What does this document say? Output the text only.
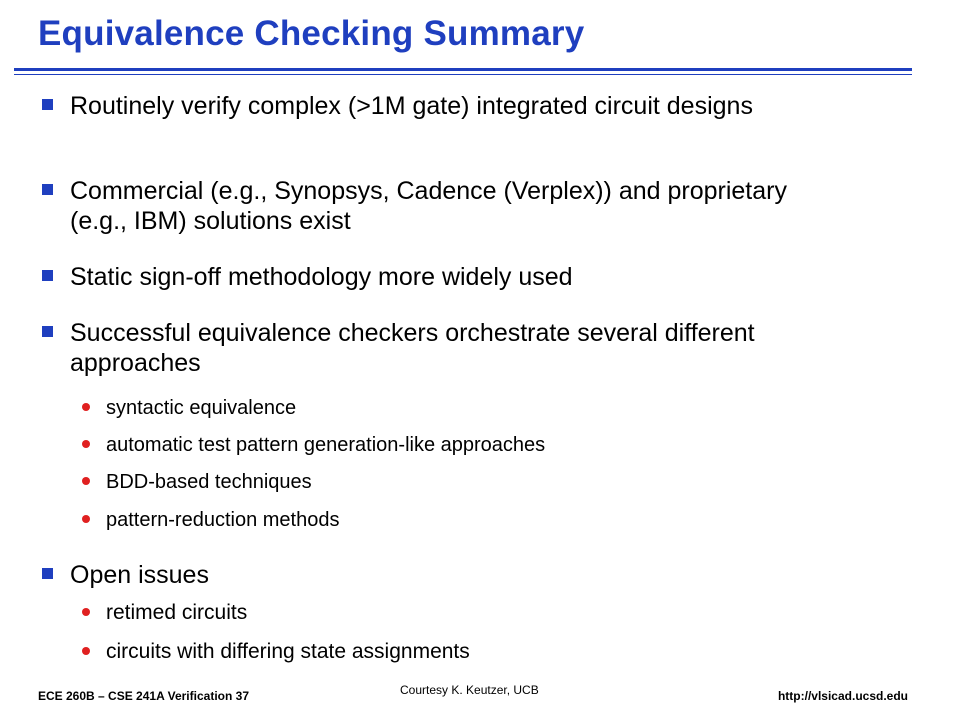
Equivalence Checking Summary
Routinely verify complex (>1M gate) integrated circuit designs
Commercial (e.g., Synopsys, Cadence (Verplex)) and proprietary (e.g., IBM) solutions exist
Static sign-off methodology more widely used
Successful equivalence checkers orchestrate several different approaches
syntactic equivalence
automatic test pattern generation-like approaches
BDD-based techniques
pattern-reduction methods
Open issues
retimed circuits
circuits with differing state assignments
ECE 260B – CSE 241A Verification 37	Courtesy K. Keutzer, UCB	http://vlsicad.ucsd.edu
